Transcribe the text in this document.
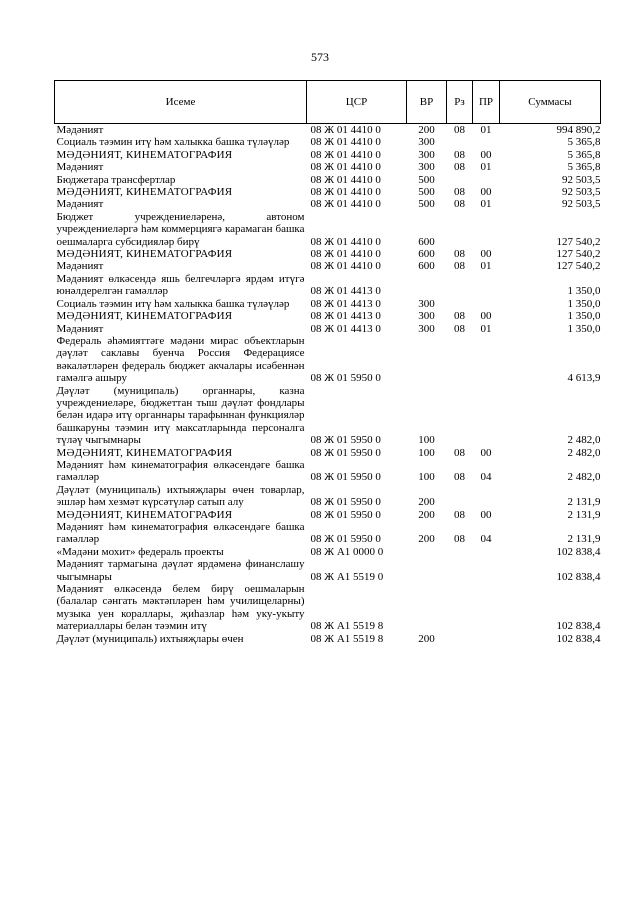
573
Исеме	ЦСР	ВР	Рз	ПР	Суммасы
Мәдәният	08 Ж 01 4410 0	200	08	01	994 890,2
Социаль тәэмин итү һәм халыкка башка түләүләр	08 Ж 01 4410 0	300			5 365,8
МӘДӘНИЯТ, КИНЕМАТОГРАФИЯ	08 Ж 01 4410 0	300	08	00	5 365,8
Мәдәният	08 Ж 01 4410 0	300	08	01	5 365,8
Бюджетара трансфертлар	08 Ж 01 4410 0	500			92 503,5
МӘДӘНИЯТ, КИНЕМАТОГРАФИЯ	08 Ж 01 4410 0	500	08	00	92 503,5
Мәдәният	08 Ж 01 4410 0	500	08	01	92 503,5
Бюджет учреждениеләренә, автоном учреждениеләргә һәм коммерциягә карамаган башка оешмаларга субсидияләр бирү	08 Ж 01 4410 0	600			127 540,2
МӘДӘНИЯТ, КИНЕМАТОГРАФИЯ	08 Ж 01 4410 0	600	08	00	127 540,2
Мәдәният	08 Ж 01 4410 0	600	08	01	127 540,2
Мәдәният өлкәсендә яшь белгечләргә ярдәм итүгә юнәлдерелгән гамәлләр	08 Ж 01 4413 0				1 350,0
Социаль тәэмин итү һәм халыкка башка түләүләр	08 Ж 01 4413 0	300			1 350,0
МӘДӘНИЯТ, КИНЕМАТОГРАФИЯ	08 Ж 01 4413 0	300	08	00	1 350,0
Мәдәният	08 Ж 01 4413 0	300	08	01	1 350,0
Федераль әһәмияттәге мәдәни мирас объектларын дәүләт саклавы буенча Россия Федерациясе вәкаләтләрен федераль бюджет акчалары исәбеннән гамәлгә ашыру	08 Ж 01 5950 0				4 613,9
Дәүләт (муниципаль) органнары, казна учреждениеләре, бюджеттан тыш дәүләт фондлары белән идарә итү органнары тарафыннан функцияләр башкаруны тәэмин итү максатларында персоналга түләү чыгымнары	08 Ж 01 5950 0	100			2 482,0
МӘДӘНИЯТ, КИНЕМАТОГРАФИЯ	08 Ж 01 5950 0	100	08	00	2 482,0
Мәдәният һәм кинематография өлкәсендәге башка гамәлләр	08 Ж 01 5950 0	100	08	04	2 482,0
Дәүләт (муниципаль) ихтыяҗлары өчен товарлар, эшләр һәм хезмәт күрсәтүләр сатып алу	08 Ж 01 5950 0	200			2 131,9
МӘДӘНИЯТ, КИНЕМАТОГРАФИЯ	08 Ж 01 5950 0	200	08	00	2 131,9
Мәдәният һәм кинематография өлкәсендәге башка гамәлләр	08 Ж 01 5950 0	200	08	04	2 131,9
«Мәдәни мохит» федераль проекты	08 Ж А1 0000 0				102 838,4
Мәдәният тармагына дәүләт ярдәменә финанслашу чыгымнары	08 Ж А1 5519 0				102 838,4
Мәдәният өлкәсендә белем бирү оешмаларын (балалар сәнгать мәктәпләрен һәм училищеларны) музыка уен кораллары, җиһазлар һәм уку-укыту материаллары белән тәэмин итү	08 Ж А1 5519 8				102 838,4
Дәүләт (муниципаль) ихтыяҗлары өчен	08 Ж А1 5519 8	200			102 838,4
